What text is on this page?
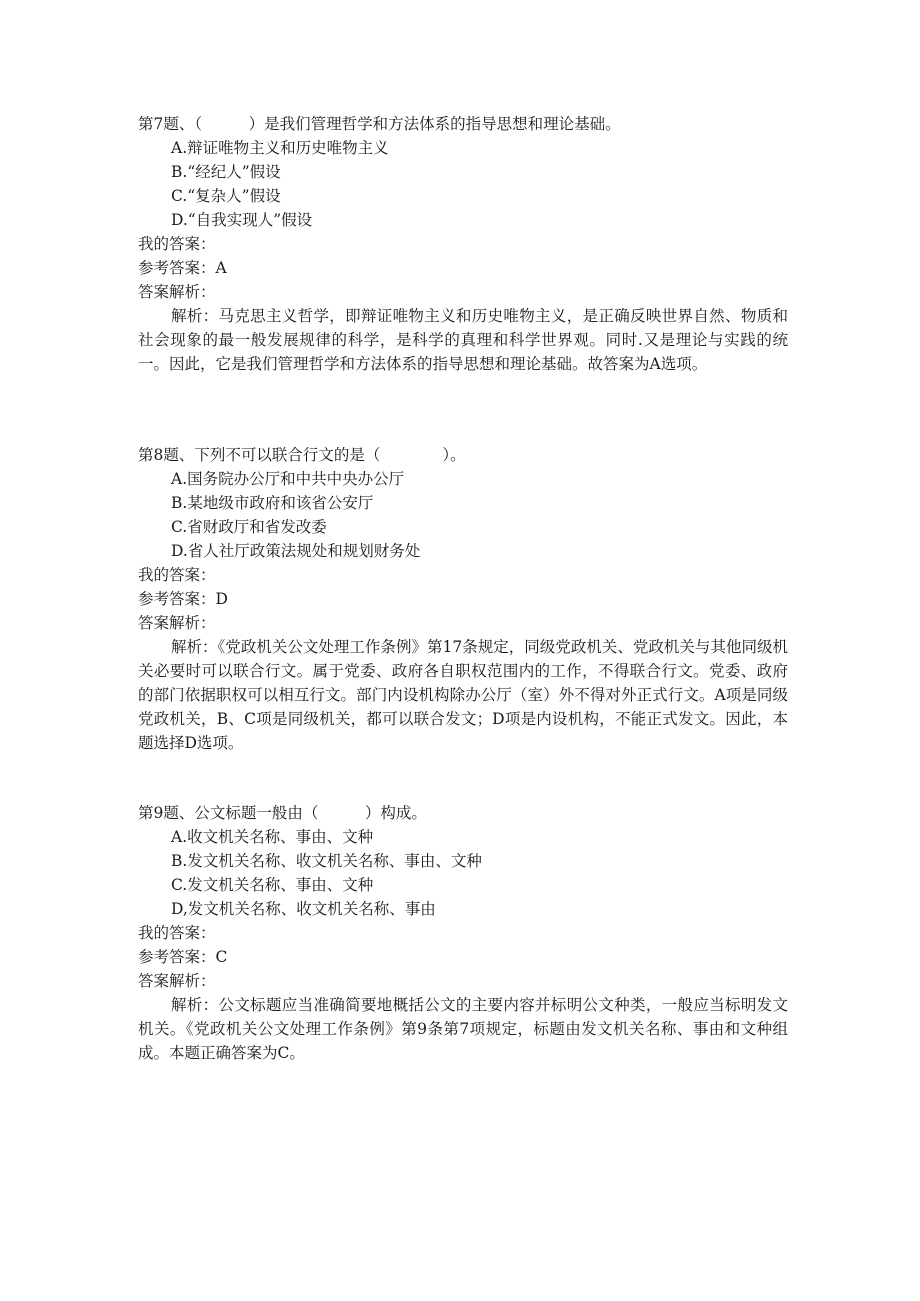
第7题、（　　　）是我们管理哲学和方法体系的指导思想和理论基础。
A.辩证唯物主义和历史唯物主义
B.“经纪人”假设
C.“复杂人”假设
D.“自我实现人”假设
我的答案：
参考答案：A
答案解析：
解析：马克思主义哲学，即辩证唯物主义和历史唯物主义，是正确反映世界自然、物质和社会现象的最一般发展规律的科学，是科学的真理和科学世界观。同时.又是理论与实践的统一。因此，它是我们管理哲学和方法体系的指导思想和理论基础。故答案为A选项。
第8题、下列不可以联合行文的是（　　　　）。
A.国务院办公厅和中共中央办公厅
B.某地级市政府和该省公安厅
C.省财政厅和省发改委
D.省人社厅政策法规处和规划财务处
我的答案：
参考答案：D
答案解析：
解析：《党政机关公文处理工作条例》第17条规定，同级党政机关、党政机关与其他同级机关必要时可以联合行文。属于党委、政府各自职权范围内的工作，不得联合行文。党委、政府的部门依据职权可以相互行文。部门内设机构除办公厅（室）外不得对外正式行文。A项是同级党政机关，B、C项是同级机关，都可以联合发文；D项是内设机构，不能正式发文。因此，本题选择D选项。
第9题、公文标题一般由（　　　）构成。
A.收文机关名称、事由、文种
B.发文机关名称、收文机关名称、事由、文种
C.发文机关名称、事由、文种
D,发文机关名称、收文机关名称、事由
我的答案：
参考答案：C
答案解析：
解析：公文标题应当准确简要地概括公文的主要内容并标明公文种类，一般应当标明发文机关。《党政机关公文处理工作条例》第9条第7项规定，标题由发文机关名称、事由和文种组成。本题正确答案为C。
